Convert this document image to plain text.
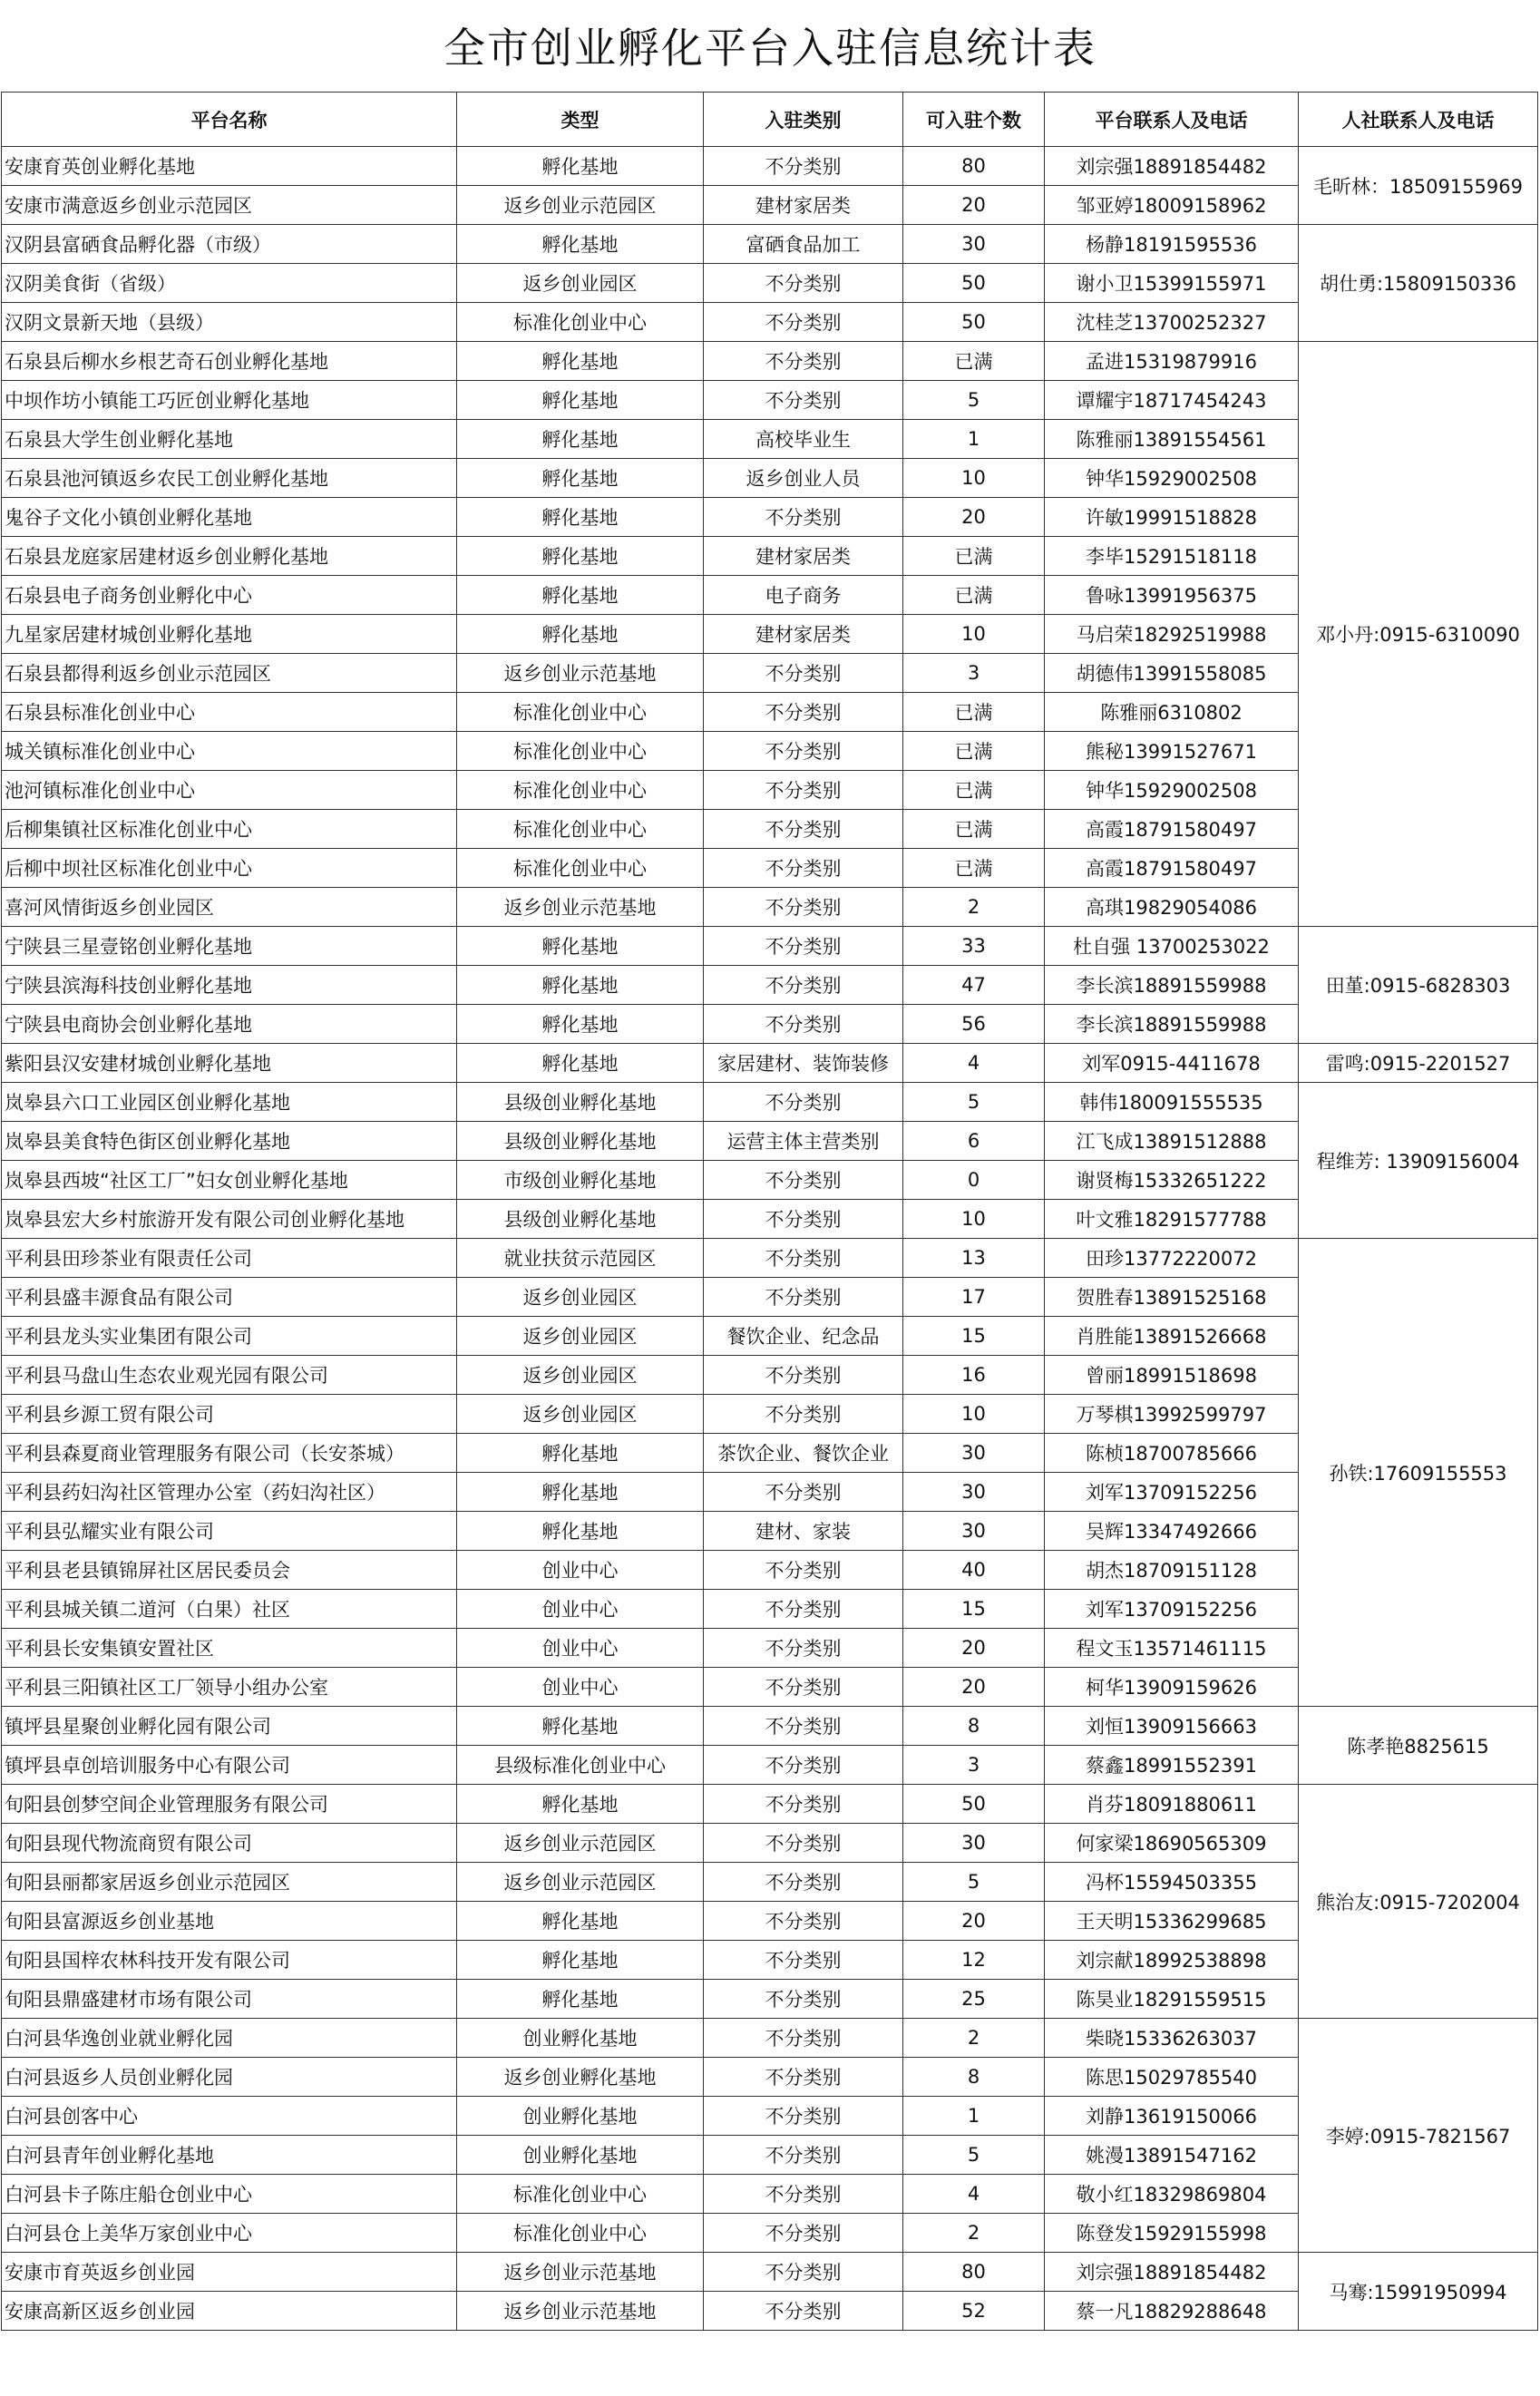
全市创业孵化平台入驻信息统计表
平台名称	类型	入驻类别	可入驻个数	平台联系人及电话	人社联系人及电话
安康育英创业孵化基地	孵化基地	不分类别	80	刘宗强18891854482	毛昕林：18509155969
安康市满意返乡创业示范园区	返乡创业示范园区	建材家居类	20	邹亚婷18009158962	
汉阴县富硒食品孵化器（市级）	孵化基地	富硒食品加工	30	杨静18191595536	胡仕勇:15809150336
汉阴美食街（省级）	返乡创业园区	不分类别	50	谢小卫15399155971	
汉阴文景新天地（县级）	标准化创业中心	不分类别	50	沈桂芝13700252327	
石泉县后柳水乡根艺奇石创业孵化基地	孵化基地	不分类别	已满	孟进15319879916	邓小丹:0915-6310090
中坝作坊小镇能工巧匠创业孵化基地	孵化基地	不分类别	5	谭耀宇18717454243	
石泉县大学生创业孵化基地	孵化基地	高校毕业生	1	陈雅丽13891554561	
石泉县池河镇返乡农民工创业孵化基地	孵化基地	返乡创业人员	10	钟华15929002508	
鬼谷子文化小镇创业孵化基地	孵化基地	不分类别	20	许敏19991518828	
石泉县龙庭家居建材返乡创业孵化基地	孵化基地	建材家居类	已满	李毕15291518118	
石泉县电子商务创业孵化中心	孵化基地	电子商务	已满	鲁咏13991956375	
九星家居建材城创业孵化基地	孵化基地	建材家居类	10	马启荣18292519988	
石泉县都得利返乡创业示范园区	返乡创业示范基地	不分类别	3	胡德伟13991558085	
石泉县标准化创业中心	标准化创业中心	不分类别	已满	陈雅丽6310802	
城关镇标准化创业中心	标准化创业中心	不分类别	已满	熊秘13991527671	
池河镇标准化创业中心	标准化创业中心	不分类别	已满	钟华15929002508	
后柳集镇社区标准化创业中心	标准化创业中心	不分类别	已满	高霞18791580497	
后柳中坝社区标准化创业中心	标准化创业中心	不分类别	已满	高霞18791580497	
喜河风情街返乡创业园区	返乡创业示范基地	不分类别	2	高琪19829054086	
宁陕县三星壹铭创业孵化基地	孵化基地	不分类别	33	杜自强 13700253022	田堇:0915-6828303
宁陕县滨海科技创业孵化基地	孵化基地	不分类别	47	李长滨18891559988	
宁陕县电商协会创业孵化基地	孵化基地	不分类别	56	李长滨18891559988	
紫阳县汉安建材城创业孵化基地	孵化基地	家居建材、装饰装修	4	刘军0915-4411678	雷鸣:0915-2201527
岚皋县六口工业园区创业孵化基地	县级创业孵化基地	不分类别	5	韩伟18009155553​5	程维芳: 13909156004
岚皋县美食特色街区创业孵化基地	县级创业孵化基地	运营主体主营类别	6	江飞成13891512888	
岚皋县西坡“社区工厂”妇女创业孵化基地	市级创业孵化基地	不分类别	0	谢贤梅15332651222	
岚皋县宏大乡村旅游开发有限公司创业孵化基地	县级创业孵化基地	不分类别	10	叶文雅18291577788	
平利县田珍茶业有限责任公司	就业扶贫示范园区	不分类别	13	田珍13772220072	孙铁:17609155553
平利县盛丰源食品有限公司	返乡创业园区	不分类别	17	贺胜春13891525168	
平利县龙头实业集团有限公司	返乡创业园区	餐饮企业、纪念品	15	肖胜能13891526668	
平利县马盘山生态农业观光园有限公司	返乡创业园区	不分类别	16	曾丽18991518698	
平利县乡源工贸有限公司	返乡创业园区	不分类别	10	万琴棋13992599797	
平利县森夏商业管理服务有限公司（长安茶城）	孵化基地	茶饮企业、餐饮企业	30	陈桢18700785666	
平利县药妇沟社区管理办公室（药妇沟社区）	孵化基地	不分类别	30	刘军13709152256	
平利县弘耀实业有限公司	孵化基地	建材、家装	30	吴辉13347492666	
平利县老县镇锦屏社区居民委员会	创业中心	不分类别	40	胡杰18709151128	
平利县城关镇二道河（白果）社区	创业中心	不分类别	15	刘军13709152256	
平利县长安集镇安置社区	创业中心	不分类别	20	程文玉13571461115	
平利县三阳镇社区工厂领导小组办公室	创业中心	不分类别	20	柯华13909159626	
镇坪县星聚创业孵化园有限公司	孵化基地	不分类别	8	刘恒13909156663	陈孝艳8825615
镇坪县卓创培训服务中心有限公司	县级标准化创业中心	不分类别	3	蔡鑫18991552391	
旬阳县创梦空间企业管理服务有限公司	孵化基地	不分类别	50	肖芬18091880611	熊治友:0915-7202004
旬阳县现代物流商贸有限公司	返乡创业示范园区	不分类别	30	何家梁18690565309	
旬阳县丽都家居返乡创业示范园区	返乡创业示范园区	不分类别	5	冯杯15594503355	
旬阳县富源返乡创业基地	孵化基地	不分类别	20	王天明15336299685	
旬阳县国梓农林科技开发有限公司	孵化基地	不分类别	12	刘宗献18992538898	
旬阳县鼎盛建材市场有限公司	孵化基地	不分类别	25	陈昊业18291559515	
白河县华逸创业就业孵化园	创业孵化基地	不分类别	2	柴晓15336263037	李婷:0915-7821567
白河县返乡人员创业孵化园	返乡创业孵化基地	不分类别	8	陈思15029785540	
白河县创客中心	创业孵化基地	不分类别	1	刘静13619150066	
白河县青年创业孵化基地	创业孵化基地	不分类别	5	姚漫13891547162	
白河县卡子陈庄船仓创业中心	标准化创业中心	不分类别	4	敬小红18329869804	
白河县仓上美华万家创业中心	标准化创业中心	不分类别	2	陈登发15929155998	
安康市育英返乡创业园	返乡创业示范基地	不分类别	80	刘宗强18891854482	马骞:15991950994
安康高新区返乡创业园	返乡创业示范基地	不分类别	52	蔡一凡18829288648	
